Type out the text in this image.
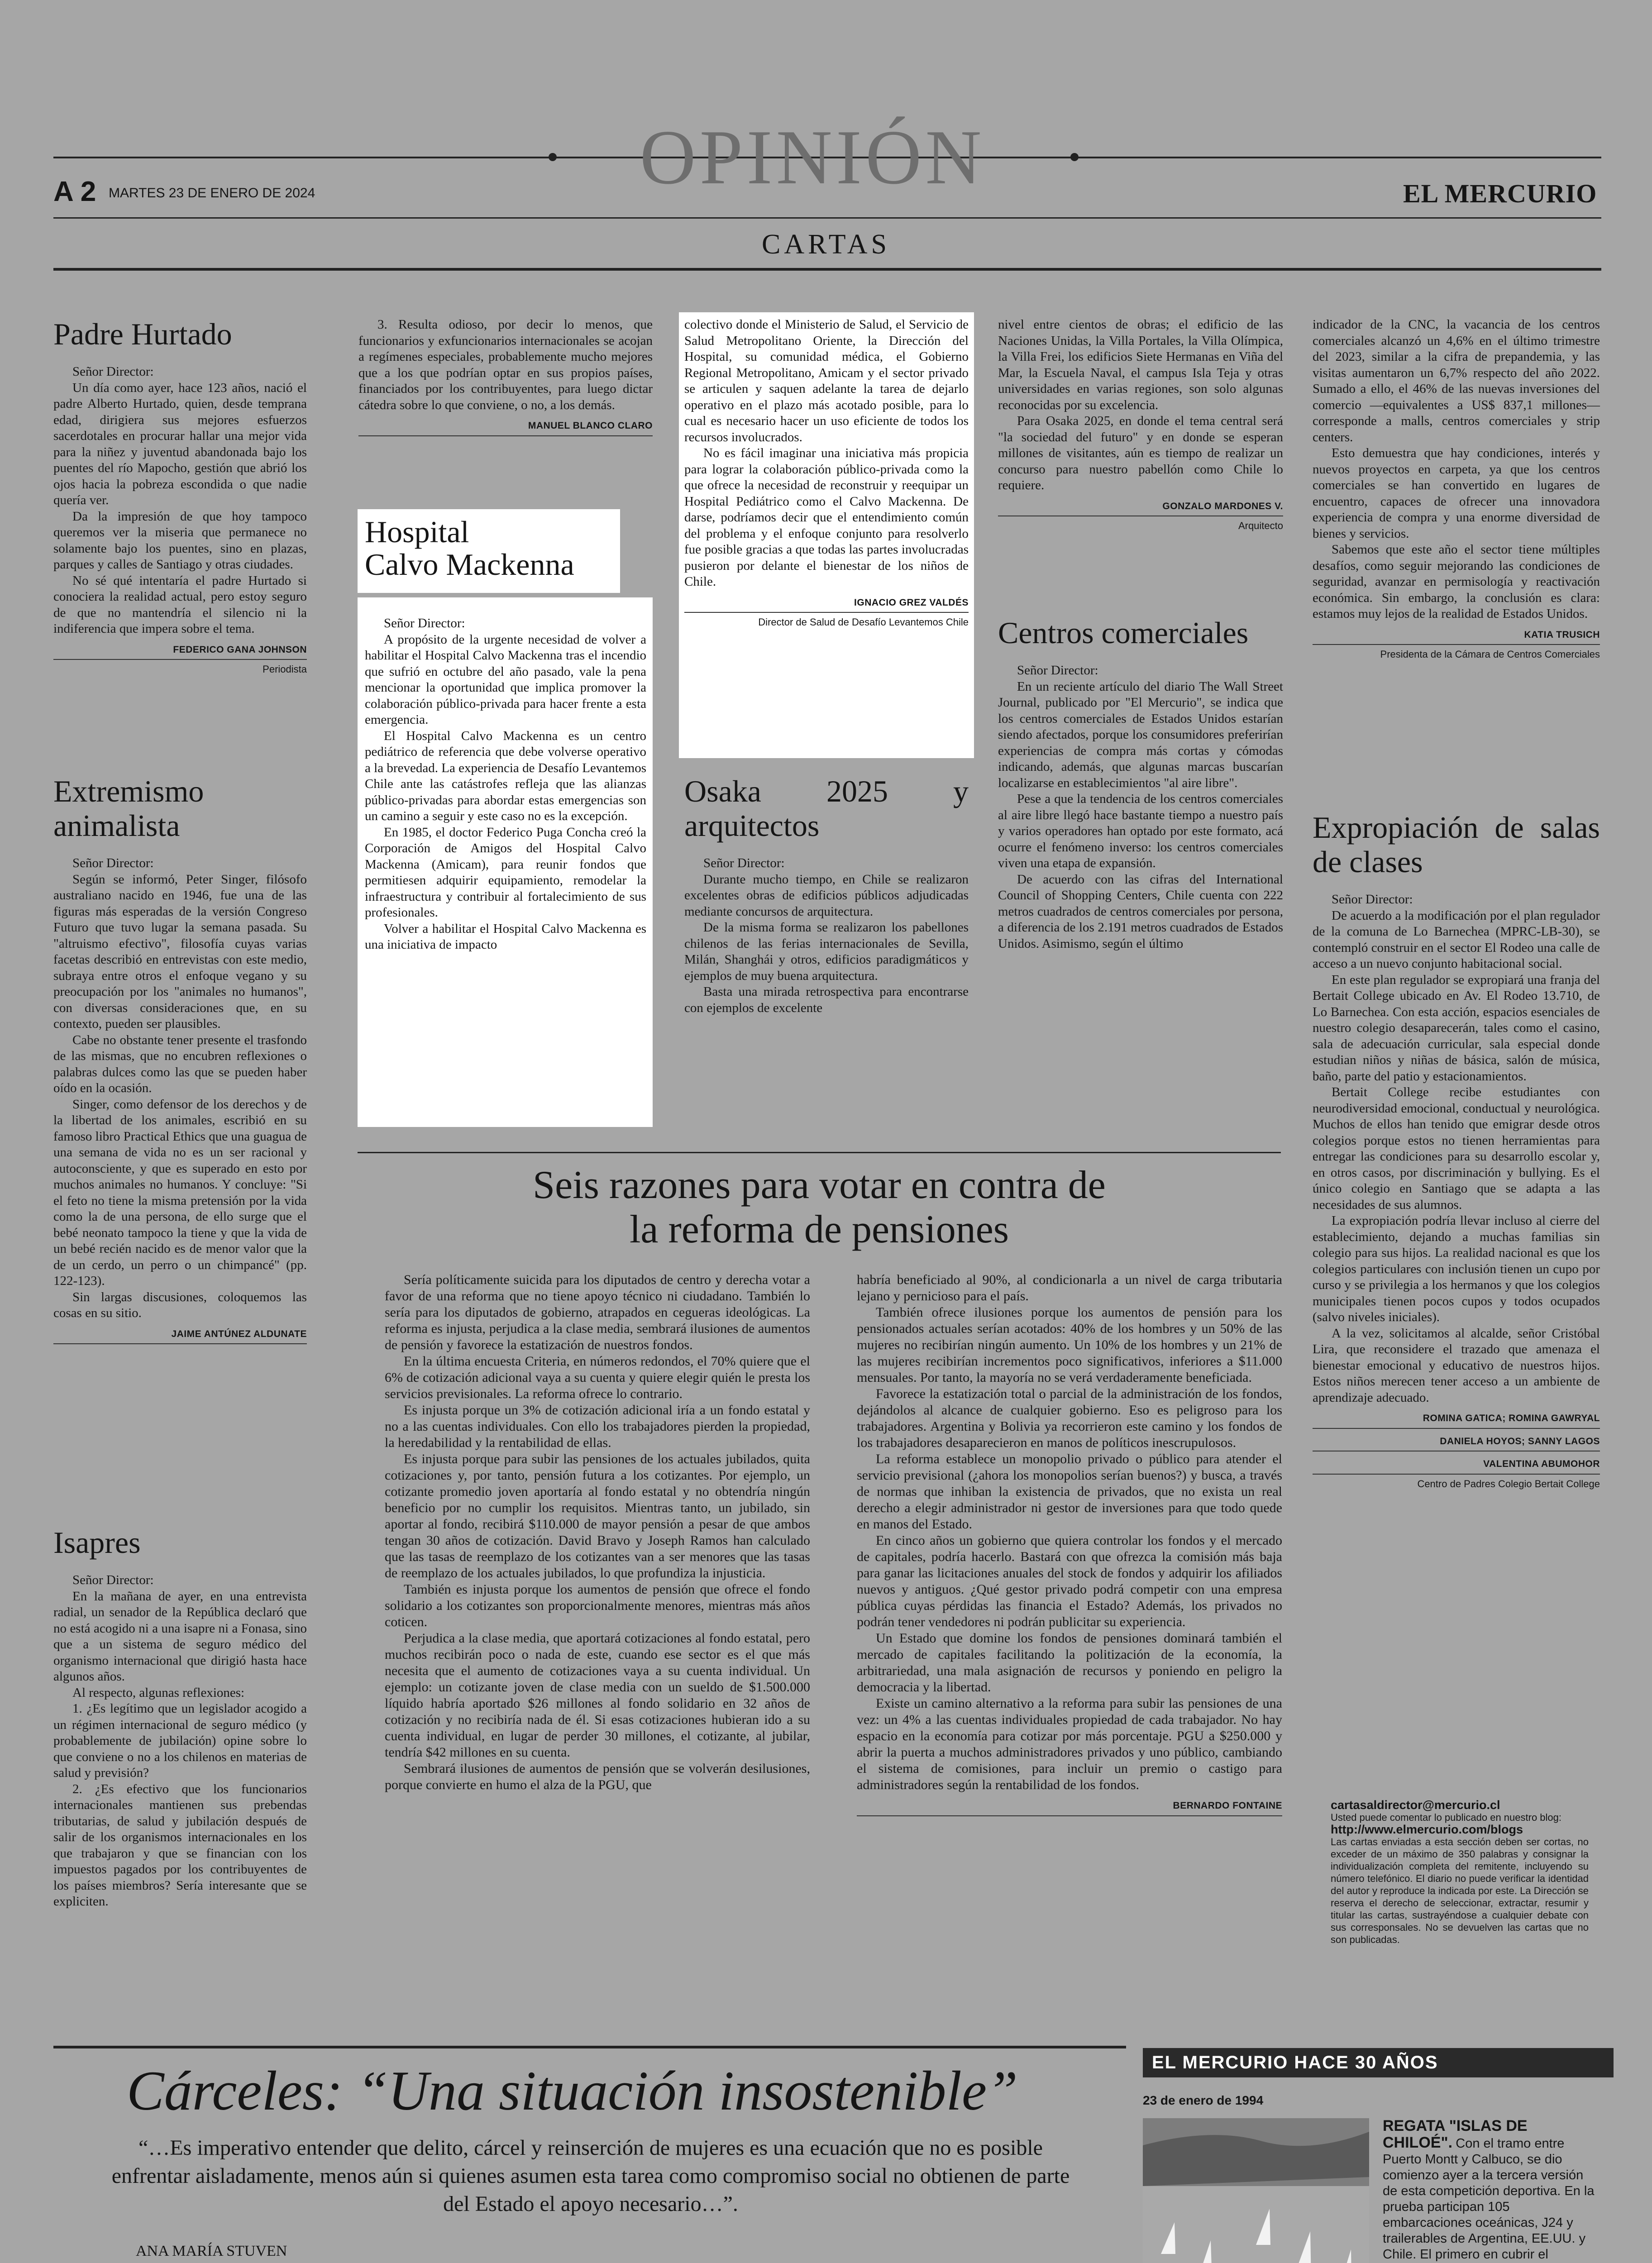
OPINIÓN
A 2 MARTES 23 DE ENERO DE 2024	EL MERCURIO
CARTAS
Padre Hurtado

Señor Director:

Un día como ayer, hace 123 años, nació el padre Alberto Hurtado, quien, desde temprana edad, dirigiera sus mejores esfuerzos sacerdotales en procurar hallar una mejor vida para la niñez y juventud abandonada bajo los puentes del río Mapocho, gestión que abrió los ojos hacia la pobreza escondida o que nadie quería ver.

Da la impresión de que hoy tampoco queremos ver la miseria que permanece no solamente bajo los puentes, sino en plazas, parques y calles de Santiago y otras ciudades.

No sé qué intentaría el padre Hurtado si conociera la realidad actual, pero estoy seguro de que no mantendría el silencio ni la indiferencia que impera sobre el tema.

FEDERICO GANA JOHNSON
Periodista
Extremismo animalista

Señor Director:

Según se informó, Peter Singer, filósofo australiano nacido en 1946, fue una de las figuras más esperadas de la versión Congreso Futuro que tuvo lugar la semana pasada. Su "altruismo efectivo", filosofía cuyas varias facetas describió en entrevistas con este medio, subraya entre otros el enfoque vegano y su preocupación por los "animales no humanos", con diversas consideraciones que, en su contexto, pueden ser plausibles.

Cabe no obstante tener presente el trasfondo de las mismas, que no encubren reflexiones o palabras dulces como las que se pueden haber oído en la ocasión.

Singer, como defensor de los derechos y de la libertad de los animales, escribió en su famoso libro Practical Ethics que una guagua de una semana de vida no es un ser racional y autoconsciente, y que es superado en esto por muchos animales no humanos. Y concluye: "Si el feto no tiene la misma pretensión por la vida como la de una persona, de ello surge que el bebé neonato tampoco la tiene y que la vida de un bebé recién nacido es de menor valor que la de un cerdo, un perro o un chimpancé" (pp. 122-123).

Sin largas discusiones, coloquemos las cosas en su sitio.

JAIME ANTÚNEZ ALDUNATE
Isapres

Señor Director:

En la mañana de ayer, en una entrevista radial, un senador de la República declaró que no está acogido ni a una isapre ni a Fonasa, sino que a un sistema de seguro médico del organismo internacional que dirigió hasta hace algunos años.

Al respecto, algunas reflexiones:

1. ¿Es legítimo que un legislador acogido a un régimen internacional de seguro médico (y probablemente de jubilación) opine sobre lo que conviene o no a los chilenos en materias de salud y previsión?

2. ¿Es efectivo que los funcionarios internacionales mantienen sus prebendas tributarias, de salud y jubilación después de salir de los organismos internacionales en los que trabajaron y que se financian con los impuestos pagados por los contribuyentes de los países miembros? Sería interesante que se expliciten.

3. Resulta odioso, por decir lo menos, que funcionarios y exfuncionarios internacionales se acojan a regímenes especiales, probablemente mucho mejores que a los que podrían optar en sus propios países, financiados por los contribuyentes, para luego dictar cátedra sobre lo que conviene, o no, a los demás.

MANUEL BLANCO CLARO
Hospital
Calvo Mackenna

Señor Director:

A propósito de la urgente necesidad de volver a habilitar el Hospital Calvo Mackenna tras el incendio que sufrió en octubre del año pasado, vale la pena mencionar la oportunidad que implica promover la colaboración público-privada para hacer frente a esta emergencia.

El Hospital Calvo Mackenna es un centro pediátrico de referencia que debe volverse operativo a la brevedad. La experiencia de Desafío Levantemos Chile ante las catástrofes refleja que las alianzas público-privadas para abordar estas emergencias son un camino a seguir y este caso no es la excepción.

En 1985, el doctor Federico Puga Concha creó la Corporación de Amigos del Hospital Calvo Mackenna (Amicam), para reunir fondos que permitiesen adquirir equipamiento, remodelar la infraestructura y contribuir al fortalecimiento de sus profesionales.

Volver a habilitar el Hospital Calvo Mackenna es una iniciativa de impacto

colectivo donde el Ministerio de Salud, el Servicio de Salud Metropolitano Oriente, la Dirección del Hospital, su comunidad médica, el Gobierno Regional Metropolitano, Amicam y el sector privado se articulen y saquen adelante la tarea de dejarlo operativo en el plazo más acotado posible, para lo cual es necesario hacer un uso eficiente de todos los recursos involucrados.

No es fácil imaginar una iniciativa más propicia para lograr la colaboración público-privada como la que ofrece la necesidad de reconstruir y reequipar un Hospital Pediátrico como el Calvo Mackenna. De darse, podríamos decir que el entendimiento común del problema y el enfoque conjunto para resolverlo fue posible gracias a que todas las partes involucradas pusieron por delante el bienestar de los niños de Chile.

IGNACIO GREZ VALDÉS
Director de Salud de Desafío Levantemos Chile
Osaka 2025 y arquitectos

Señor Director:

Durante mucho tiempo, en Chile se realizaron excelentes obras de edificios públicos adjudicadas mediante concursos de arquitectura.

De la misma forma se realizaron los pabellones chilenos de las ferias internacionales de Sevilla, Milán, Shanghái y otros, edificios paradigmáticos y ejemplos de muy buena arquitectura.

Basta una mirada retrospectiva para encontrarse con ejemplos de excelente

nivel entre cientos de obras; el edificio de las Naciones Unidas, la Villa Portales, la Villa Olímpica, la Villa Frei, los edificios Siete Hermanas en Viña del Mar, la Escuela Naval, el campus Isla Teja y otras universidades en varias regiones, son solo algunas reconocidas por su excelencia.

Para Osaka 2025, en donde el tema central será "la sociedad del futuro" y en donde se esperan millones de visitantes, aún es tiempo de realizar un concurso para nuestro pabellón como Chile lo requiere.

GONZALO MARDONES V.
Arquitecto
Centros comerciales

Señor Director:

En un reciente artículo del diario The Wall Street Journal, publicado por "El Mercurio", se indica que los centros comerciales de Estados Unidos estarían siendo afectados, porque los consumidores preferirían experiencias de compra más cortas y cómodas indicando, además, que algunas marcas buscarían localizarse en establecimientos "al aire libre".

Pese a que la tendencia de los centros comerciales al aire libre llegó hace bastante tiempo a nuestro país y varios operadores han optado por este formato, acá ocurre el fenómeno inverso: los centros comerciales viven una etapa de expansión.

De acuerdo con las cifras del International Council of Shopping Centers, Chile cuenta con 222 metros cuadrados de centros comerciales por persona, a diferencia de los 2.191 metros cuadrados de Estados Unidos. Asimismo, según el último

indicador de la CNC, la vacancia de los centros comerciales alcanzó un 4,6% en el último trimestre del 2023, similar a la cifra de prepandemia, y las visitas aumentaron un 6,7% respecto del año 2022. Sumado a ello, el 46% de las nuevas inversiones del comercio —equivalentes a US$ 837,1 millones— corresponde a malls, centros comerciales y strip centers.

Esto demuestra que hay condiciones, interés y nuevos proyectos en carpeta, ya que los centros comerciales se han convertido en lugares de encuentro, capaces de ofrecer una innovadora experiencia de compra y una enorme diversidad de bienes y servicios.

Sabemos que este año el sector tiene múltiples desafíos, como seguir mejorando las condiciones de seguridad, avanzar en permisología y reactivación económica. Sin embargo, la conclusión es clara: estamos muy lejos de la realidad de Estados Unidos.

KATIA TRUSICH
Presidenta de la Cámara de Centros Comerciales
Expropiación de salas de clases

Señor Director:

De acuerdo a la modificación por el plan regulador de la comuna de Lo Barnechea (MPRC-LB-30), se contempló construir en el sector El Rodeo una calle de acceso a un nuevo conjunto habitacional social.

En este plan regulador se expropiará una franja del Bertait College ubicado en Av. El Rodeo 13.710, de Lo Barnechea. Con esta acción, espacios esenciales de nuestro colegio desaparecerán, tales como el casino, sala de adecuación curricular, sala especial donde estudian niños y niñas de básica, salón de música, baño, parte del patio y estacionamientos.

Bertait College recibe estudiantes con neurodiversidad emocional, conductual y neurológica. Muchos de ellos han tenido que emigrar desde otros colegios porque estos no tienen herramientas para entregar las condiciones para su desarrollo escolar y, en otros casos, por discriminación y bullying. Es el único colegio en Santiago que se adapta a las necesidades de sus alumnos.

La expropiación podría llevar incluso al cierre del establecimiento, dejando a muchas familias sin colegio para sus hijos. La realidad nacional es que los colegios particulares con inclusión tienen un cupo por curso y se privilegia a los hermanos y que los colegios municipales tienen pocos cupos y todos ocupados (salvo niveles iniciales).

A la vez, solicitamos al alcalde, señor Cristóbal Lira, que reconsidere el trazado que amenaza el bienestar emocional y educativo de nuestros hijos. Estos niños merecen tener acceso a un ambiente de aprendizaje adecuado.

ROMINA GATICA; ROMINA GAWRYAL
DANIELA HOYOS; SANNY LAGOS
VALENTINA ABUMOHOR
Centro de Padres Colegio Bertait College
cartasaldirector@mercurio.cl
Usted puede comentar lo publicado en nuestro blog:
http://www.elmercurio.com/blogs
Las cartas enviadas a esta sección deben ser cortas, no exceder de un máximo de 350 palabras y consignar la individualización completa del remitente, incluyendo su número telefónico. El diario no puede verificar la identidad del autor y reproduce la indicada por este. La Dirección se reserva el derecho de seleccionar, extractar, resumir y titular las cartas, sustrayéndose a cualquier debate con sus corresponsales. No se devuelven las cartas que no son publicadas.
Seis razones para votar en contra de
la reforma de pensiones

Sería políticamente suicida para los diputados de centro y derecha votar a favor de una reforma que no tiene apoyo técnico ni ciudadano. También lo sería para los diputados de gobierno, atrapados en cegueras ideológicas. La reforma es injusta, perjudica a la clase media, sembrará ilusiones de aumentos de pensión y favorece la estatización de nuestros fondos.

En la última encuesta Criteria, en números redondos, el 70% quiere que el 6% de cotización adicional vaya a su cuenta y quiere elegir quién le presta los servicios previsionales. La reforma ofrece lo contrario.

Es injusta porque un 3% de cotización adicional iría a un fondo estatal y no a las cuentas individuales. Con ello los trabajadores pierden la propiedad, la heredabilidad y la rentabilidad de ellas.

Es injusta porque para subir las pensiones de los actuales jubilados, quita cotizaciones y, por tanto, pensión futura a los cotizantes. Por ejemplo, un cotizante promedio joven aportaría al fondo estatal y no obtendría ningún beneficio por no cumplir los requisitos. Mientras tanto, un jubilado, sin aportar al fondo, recibirá $110.000 de mayor pensión a pesar de que ambos tengan 30 años de cotización. David Bravo y Joseph Ramos han calculado que las tasas de reemplazo de los cotizantes van a ser menores que las tasas de reemplazo de los actuales jubilados, lo que profundiza la injusticia.

También es injusta porque los aumentos de pensión que ofrece el fondo solidario a los cotizantes son proporcionalmente menores, mientras más años coticen.

Perjudica a la clase media, que aportará cotizaciones al fondo estatal, pero muchos recibirán poco o nada de este, cuando ese sector es el que más necesita que el aumento de cotizaciones vaya a su cuenta individual. Un ejemplo: un cotizante joven de clase media con un sueldo de $1.500.000 líquido habría aportado $26 millones al fondo solidario en 32 años de cotización y no recibiría nada de él. Si esas cotizaciones hubieran ido a su cuenta individual, en lugar de perder 30 millones, el cotizante, al jubilar, tendría $42 millones en su cuenta.

Sembrará ilusiones de aumentos de pensión que se volverán desilusiones, porque convierte en humo el alza de la PGU, que

habría beneficiado al 90%, al condicionarla a un nivel de carga tributaria lejano y pernicioso para el país.

También ofrece ilusiones porque los aumentos de pensión para los pensionados actuales serían acotados: 40% de los hombres y un 50% de las mujeres no recibirían ningún aumento. Un 10% de los hombres y un 21% de las mujeres recibirían incrementos poco significativos, inferiores a $11.000 mensuales. Por tanto, la mayoría no se verá verdaderamente beneficiada.

Favorece la estatización total o parcial de la administración de los fondos, dejándolos al alcance de cualquier gobierno. Eso es peligroso para los trabajadores. Argentina y Bolivia ya recorrieron este camino y los fondos de los trabajadores desaparecieron en manos de políticos inescrupulosos.

La reforma establece un monopolio privado o público para atender el servicio previsional (¿ahora los monopolios serían buenos?) y busca, a través de normas que inhiban la existencia de privados, que no exista un real derecho a elegir administrador ni gestor de inversiones para que todo quede en manos del Estado.

En cinco años un gobierno que quiera controlar los fondos y el mercado de capitales, podría hacerlo. Bastará con que ofrezca la comisión más baja para ganar las licitaciones anuales del stock de fondos y adquirir los afiliados nuevos y antiguos. ¿Qué gestor privado podrá competir con una empresa pública cuyas pérdidas las financia el Estado? Además, los privados no podrán tener vendedores ni podrán publicitar su experiencia.

Un Estado que domine los fondos de pensiones dominará también el mercado de capitales facilitando la politización de la economía, la arbitrariedad, una mala asignación de recursos y poniendo en peligro la democracia y la libertad.

Existe un camino alternativo a la reforma para subir las pensiones de una vez: un 4% a las cuentas individuales propiedad de cada trabajador. No hay espacio en la economía para cotizar por más porcentaje. PGU a $250.000 y abrir la puerta a muchos administradores privados y uno público, cambiando el sistema de comisiones, para incluir un premio o castigo para administradores según la rentabilidad de los fondos.

BERNARDO FONTAINE
Cárceles: “Una situación insostenible”
“…Es imperativo entender que delito, cárcel y reinserción de mujeres es una ecuación que no es posible enfrentar aisladamente, menos aún si quienes asumen esta tarea como compromiso social no obtienen de parte del Estado el apoyo necesario…”.
ANA MARÍA STUVEN

EL MERCURIO HACE 30 AÑOS
23 de enero de 1994
REGATA "ISLAS DE CHILOÉ". Con el tramo entre Puerto Montt y Calbuco, se dio comienzo ayer a la tercera versión de esta competición deportiva. En la prueba participan 105 embarcaciones oceánicas, J24 y trailerables de Argentina, EE.UU. y Chile. El primero en cubrir el
